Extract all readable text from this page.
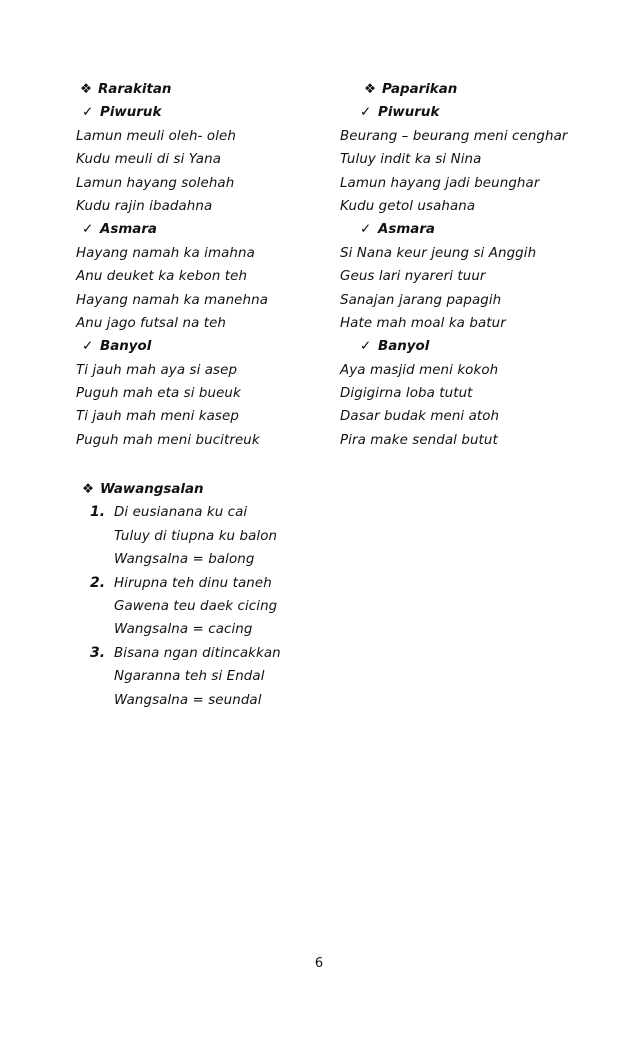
❖ Rarakitan
✓ Piwuruk
Lamun meuli oleh- oleh
Kudu meuli di si Yana
Lamun hayang solehah
Kudu rajin ibadahna
✓ Asmara
Hayang namah ka imahna
Anu deuket ka kebon teh
Hayang namah ka manehna
Anu jago futsal na teh
✓ Banyol
Ti jauh mah aya si asep
Puguh mah eta si bueuk
Ti jauh mah meni kasep
Puguh mah meni bucitreuk
❖ Paparikan
✓ Piwuruk
Beurang – beurang meni cenghar
Tuluy indit ka si Nina
Lamun hayang jadi beunghar
Kudu getol usahana
✓ Asmara
Si Nana keur jeung si Anggih
Geus lari nyareri tuur
Sanajan jarang papagih
Hate mah moal ka batur
✓ Banyol
Aya masjid meni kokoh
Digigirna loba tutut
Dasar budak meni atoh
Pira make sendal butut
❖ Wawangsalan
1. Di eusianana ku cai
Tuluy di tiupna ku balon
Wangsalna = balong
2. Hirupna teh dinu taneh
Gawena teu daek cicing
Wangsalna = cacing
3. Bisana ngan ditincakkan
Ngaranna teh si Endal
Wangsalna = seundal
6
